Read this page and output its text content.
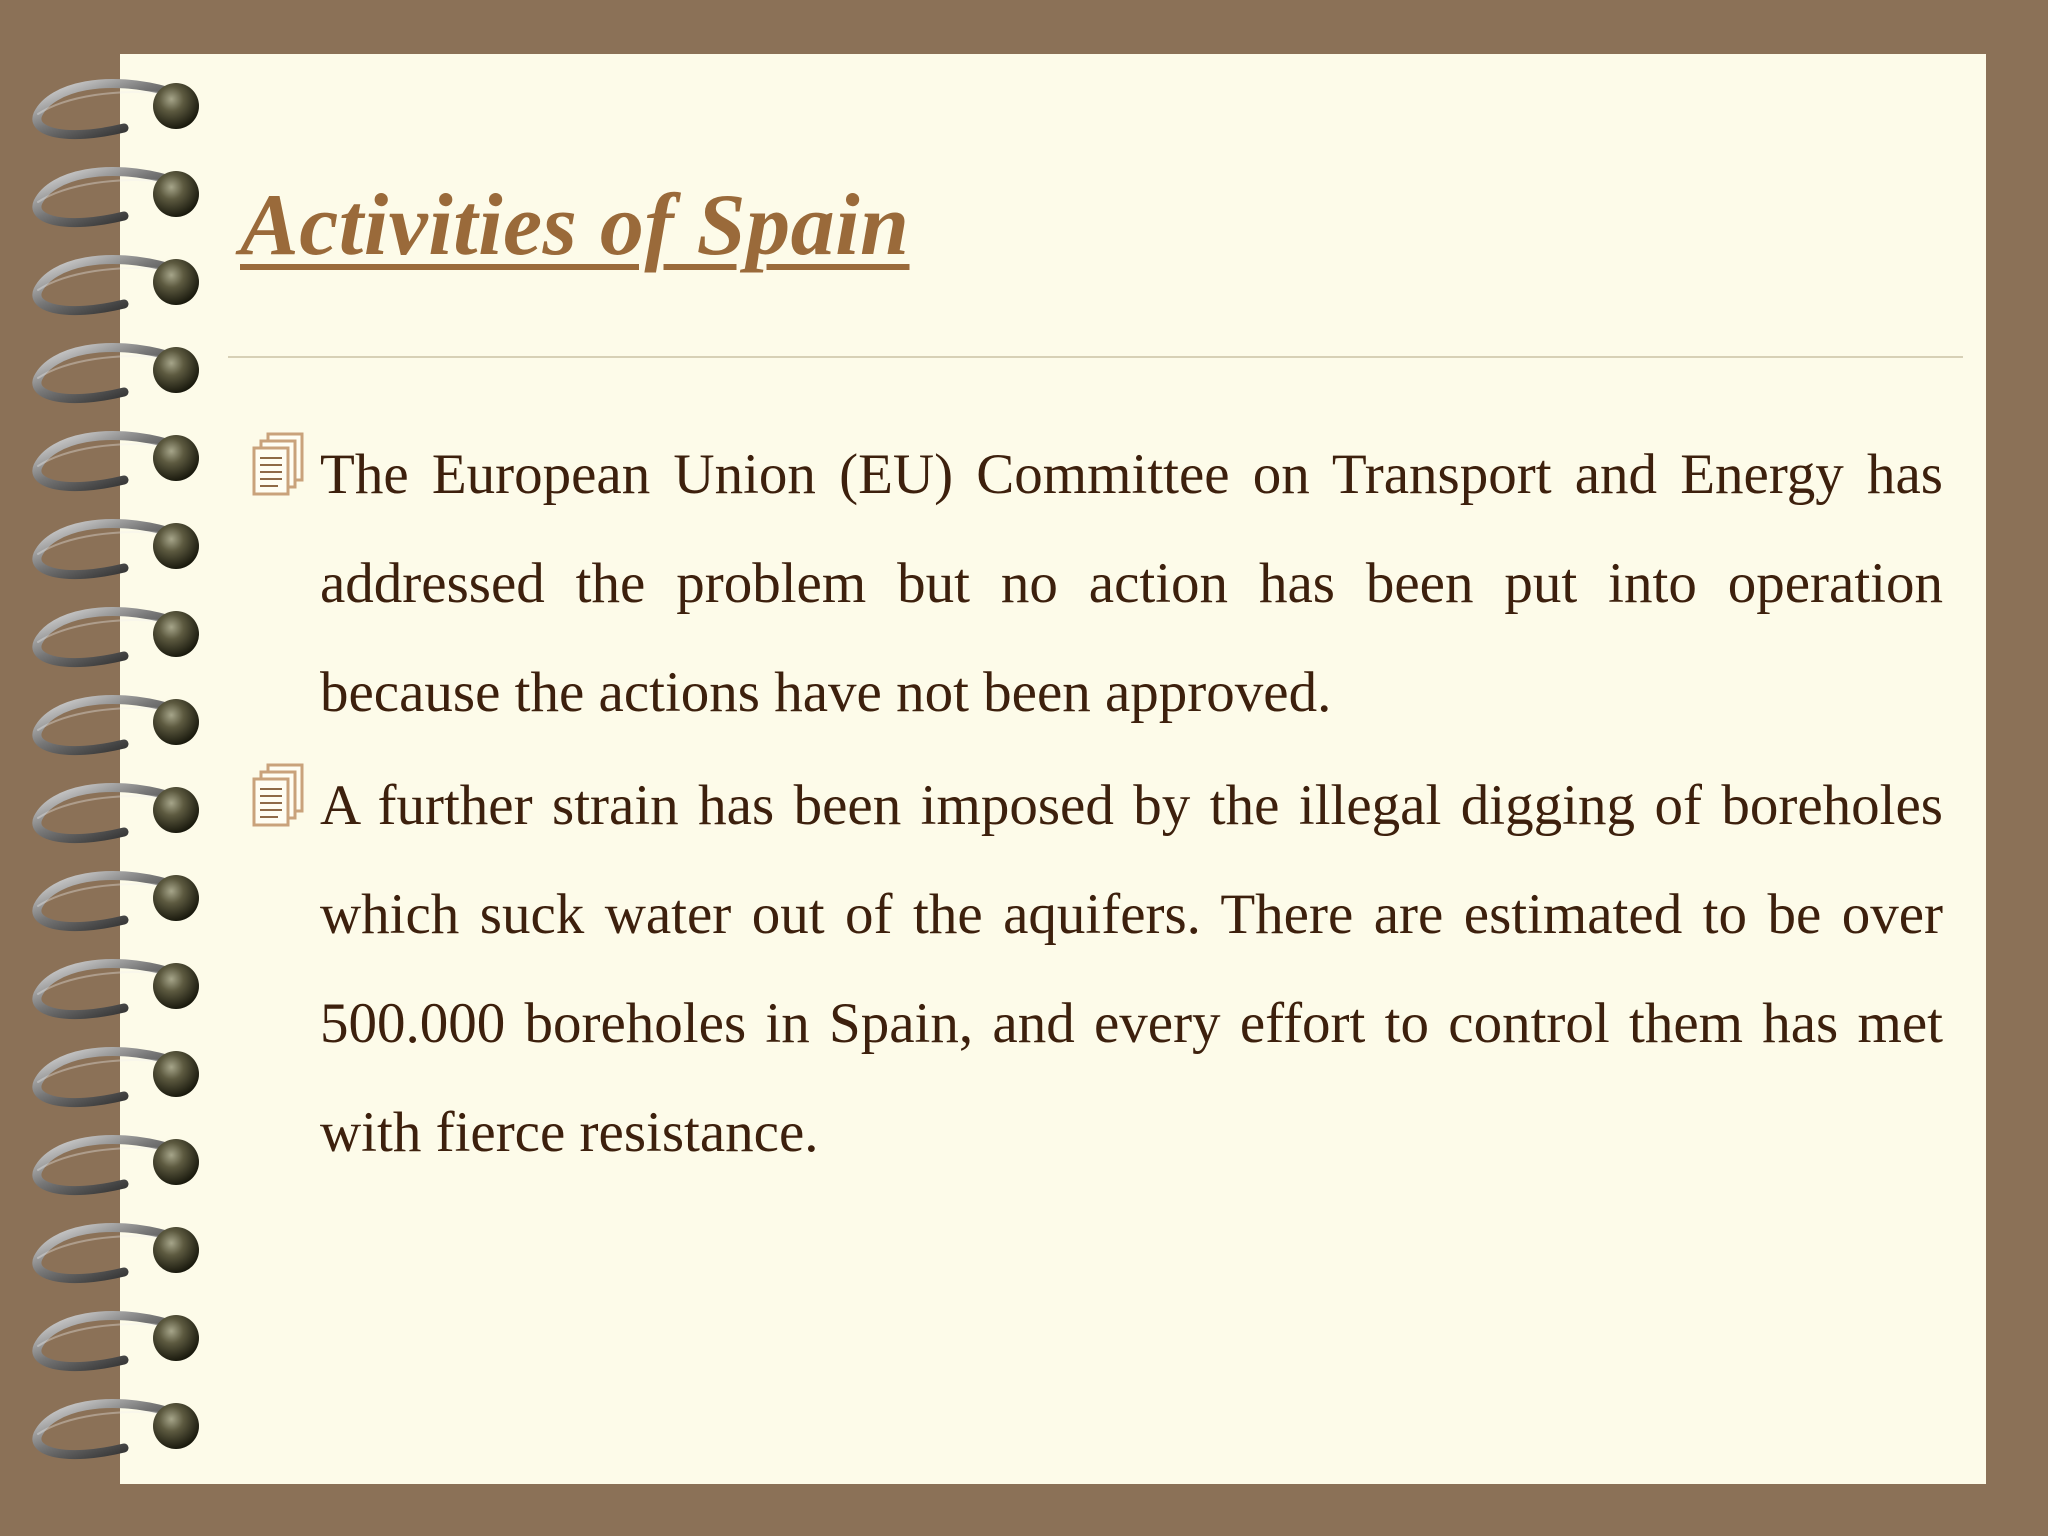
Activities of Spain

The European Union (EU) Committee on Transport and Energy has addressed the problem but no action has been put into operation because the actions have not been approved.

A further strain has been imposed by the illegal digging of boreholes which suck water out of the aquifers. There are estimated to be over 500.000 boreholes in Spain, and every effort to control them has met with fierce resistance.
